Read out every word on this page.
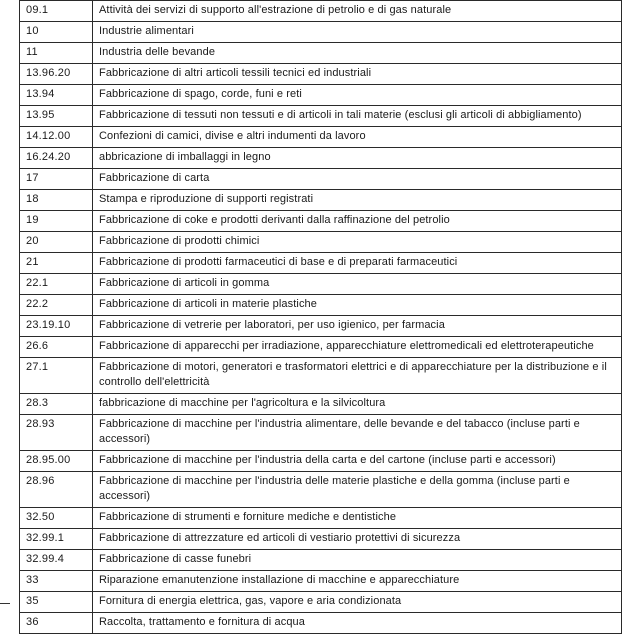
09.1	Attività dei servizi di supporto all'estrazione di petrolio e di gas naturale
10	Industrie alimentari
11	Industria delle bevande
13.96.20	Fabbricazione di altri articoli tessili tecnici ed industriali
13.94	Fabbricazione di spago, corde, funi e reti
13.95	Fabbricazione di tessuti non tessuti e di articoli in tali materie (esclusi gli articoli di abbigliamento)
14.12.00	Confezioni di camici, divise e altri indumenti da lavoro
16.24.20	abbricazione di imballaggi in legno
17	Fabbricazione di carta
18	Stampa e riproduzione di supporti registrati
19	Fabbricazione di coke e prodotti derivanti dalla raffinazione del petrolio
20	Fabbricazione di prodotti chimici
21	Fabbricazione di prodotti farmaceutici di base e di preparati farmaceutici
22.1	Fabbricazione di articoli in gomma
22.2	Fabbricazione di articoli in materie plastiche
23.19.10	Fabbricazione di vetrerie per laboratori, per uso igienico, per farmacia
26.6	Fabbricazione di apparecchi per irradiazione, apparecchiature elettromedicali ed elettroterapeutiche
27.1	Fabbricazione di motori, generatori e trasformatori elettrici e di apparecchiature per la distribuzione e il controllo dell'elettricità
28.3	fabbricazione di macchine per l'agricoltura e la silvicoltura
28.93	Fabbricazione di macchine per l'industria alimentare, delle bevande e del tabacco (incluse parti e accessori)
28.95.00	Fabbricazione di macchine per l'industria della carta e del cartone (incluse parti e accessori)
28.96	Fabbricazione di macchine per l'industria delle materie plastiche e della gomma (incluse parti e accessori)
32.50	Fabbricazione di strumenti e forniture mediche e dentistiche
32.99.1	Fabbricazione di attrezzature ed articoli di vestiario protettivi di sicurezza
32.99.4	Fabbricazione di casse funebri
33	Riparazione emanutenzione installazione di macchine e apparecchiature
35	Fornitura di energia elettrica, gas, vapore e aria condizionata
36	Raccolta, trattamento e fornitura di acqua
